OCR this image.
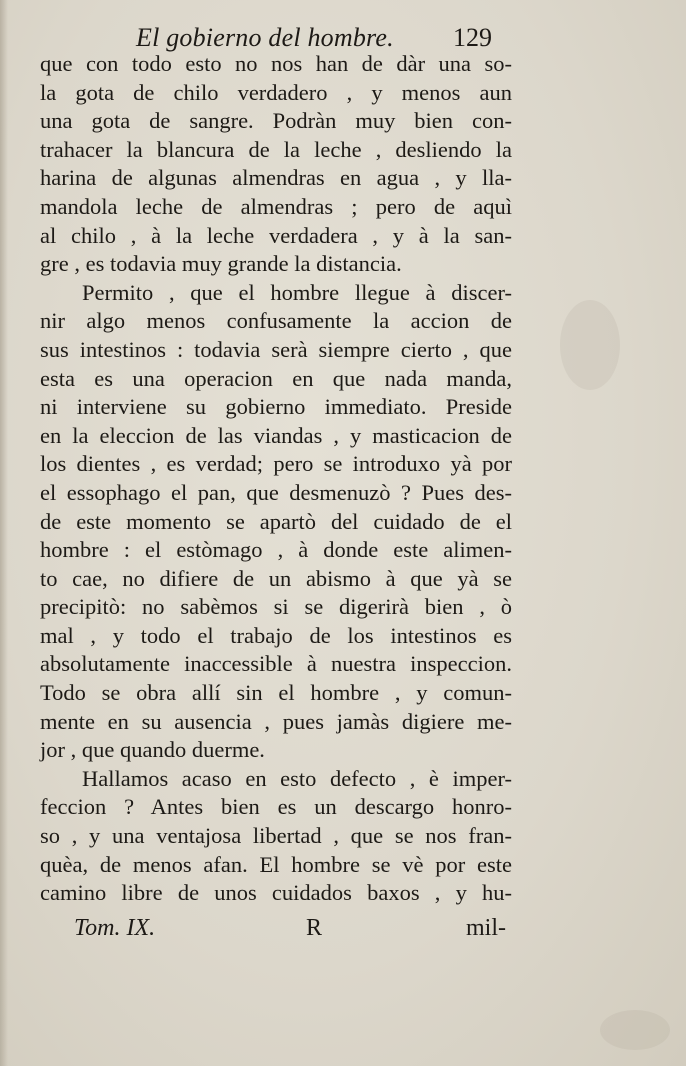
El gobierno del hombre. 129
que con todo esto no nos han de dàr una so-
la gota de chilo verdadero , y menos aun
una gota de sangre. Podràn muy bien con-
trahacer la blancura de la leche , desliendo la
harina de algunas almendras en agua , y lla-
mandola leche de almendras ; pero de aquì
al chilo , à la leche verdadera , y à la san-
gre , es todavia muy grande la distancia.
Permito , que el hombre llegue à discer-
nir algo menos confusamente la accion de
sus intestinos : todavia serà siempre cierto , que
esta es una operacion en que nada manda,
ni interviene su gobierno immediato. Preside
en la eleccion de las viandas , y masticacion de
los dientes , es verdad; pero se introduxo yà por
el essophago el pan, que desmenuzò ? Pues des-
de este momento se apartò del cuidado de el
hombre : el estòmago , à donde este alimen-
to cae, no difiere de un abismo à que yà se
precipitò: no sabèmos si se digerirà bien , ò
mal , y todo el trabajo de los intestinos es
absolutamente inaccessible à nuestra inspeccion.
Todo se obra allí sin el hombre , y comun-
mente en su ausencia , pues jamàs digiere me-
jor , que quando duerme.
Hallamos acaso en esto defecto , è imper-
feccion ? Antes bien es un descargo honro-
so , y una ventajosa libertad , que se nos fran-
quèa, de menos afan. El hombre se vè por este
camino libre de unos cuidados baxos , y hu-
Tom. IX.	R	mil-
